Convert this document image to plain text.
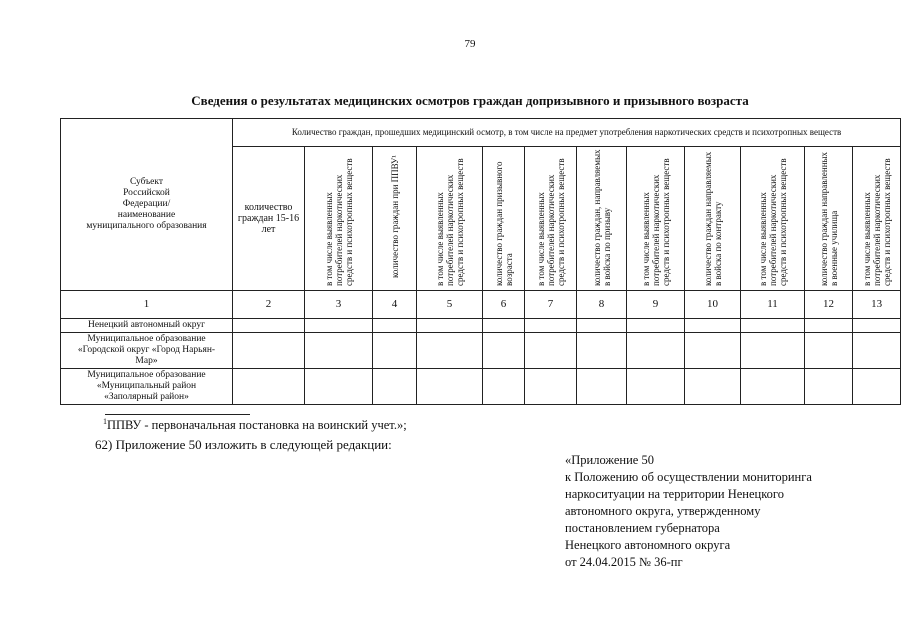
79
Сведения о результатах медицинских осмотров граждан допризывного и призывного возраста
Субъект
Российской
Федерации/
наименование
муниципального образования	Количество граждан, прошедших медицинский осмотр, в том числе на предмет употребления наркотических средств и психотропных веществ											
	количество граждан 15-16 лет	в том числе выявленных потребителей наркотических средств и психотропных веществ	количество граждан при ППВУ¹	в том числе выявленных потребителей наркотических средств и психотропных веществ	количество граждан призывного возраста	в том числе выявленных потребителей наркотических средств и психотропных веществ	количество граждан, направляемых в войска по призыву	в том числе выявленных потребителей наркотических средств и психотропных веществ	количество граждан направляемых в войска по контракту	в том числе выявленных потребителей наркотических средств и психотропных веществ	количество граждан направленных в военные училища	в том числе выявленных потребителей наркотических средств и психотропных веществ
1	2	3	4	5	6	7	8	9	10	11	12	13

Ненецкий автономный округ												

Муниципальное образование
«Городской округ «Город Нарьян-
Мар»												

Муниципальное образование
«Муниципальный район
«Заполярный район»												

$^1$ППВУ - первоначальная постановка на воинский учет.»;
62) Приложение 50 изложить в следующей редакции:
«Приложение 50
к Положению об осуществлении мониторинга
наркоситуации на территории Ненецкого
автономного округа, утвержденному
постановлением губернатора
Ненецкого автономного округа
от 24.04.2015 № 36-пг
